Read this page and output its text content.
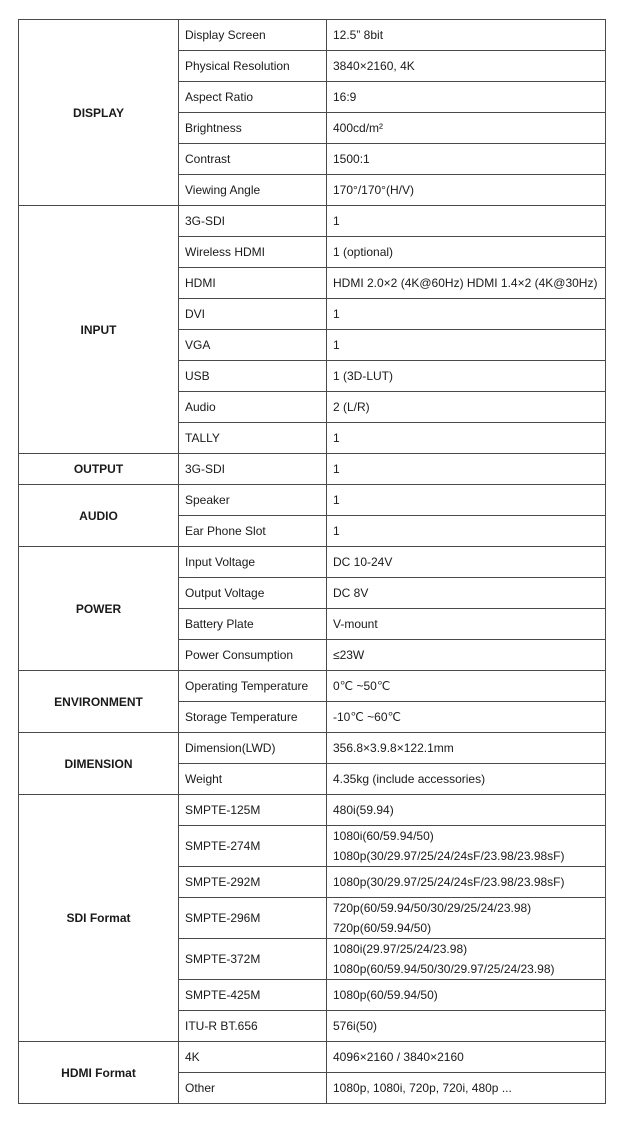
DISPLAY	Display Screen	12.5” 8bit

	Physical Resolution	3840×2160, 4K

	Aspect Ratio	16:9

	Brightness	400cd/m²

	Contrast	1500:1

	Viewing Angle	170°/170°(H/V)

INPUT	3G-SDI	1

	Wireless HDMI	1 (optional)

	HDMI	HDMI 2.0×2 (4K@60Hz) HDMI 1.4×2 (4K@30Hz)

	DVI	1

	VGA	1

	USB	1 (3D-LUT)

	Audio	2 (L/R)

	TALLY	1

OUTPUT	3G-SDI	1

AUDIO	Speaker	1

	Ear Phone Slot	1

POWER	Input Voltage	DC 10-24V

	Output Voltage	DC 8V

	Battery Plate	V-mount

	Power Consumption	≤23W

ENVIRONMENT	Operating Temperature	0℃ ~50℃

	Storage Temperature	-10℃ ~60℃

DIMENSION	Dimension(LWD)	356.8×3.9.8×122.1mm

	Weight	4.35kg (include accessories)

SDI Format	SMPTE-125M	480i(59.94)

	SMPTE-274M	1080i(60/59.94/50)
1080p(30/29.97/25/24/24sF/23.98/23.98sF)

	SMPTE-292M	1080p(30/29.97/25/24/24sF/23.98/23.98sF)

	SMPTE-296M	720p(60/59.94/50/30/29/25/24/23.98)
720p(60/59.94/50)

	SMPTE-372M	1080i(29.97/25/24/23.98)
1080p(60/59.94/50/30/29.97/25/24/23.98)

	SMPTE-425M	1080p(60/59.94/50)

	ITU-R BT.656	576i(50)

HDMI Format	4K	4096×2160 / 3840×2160

	Other	1080p, 1080i, 720p, 720i, 480p ...
